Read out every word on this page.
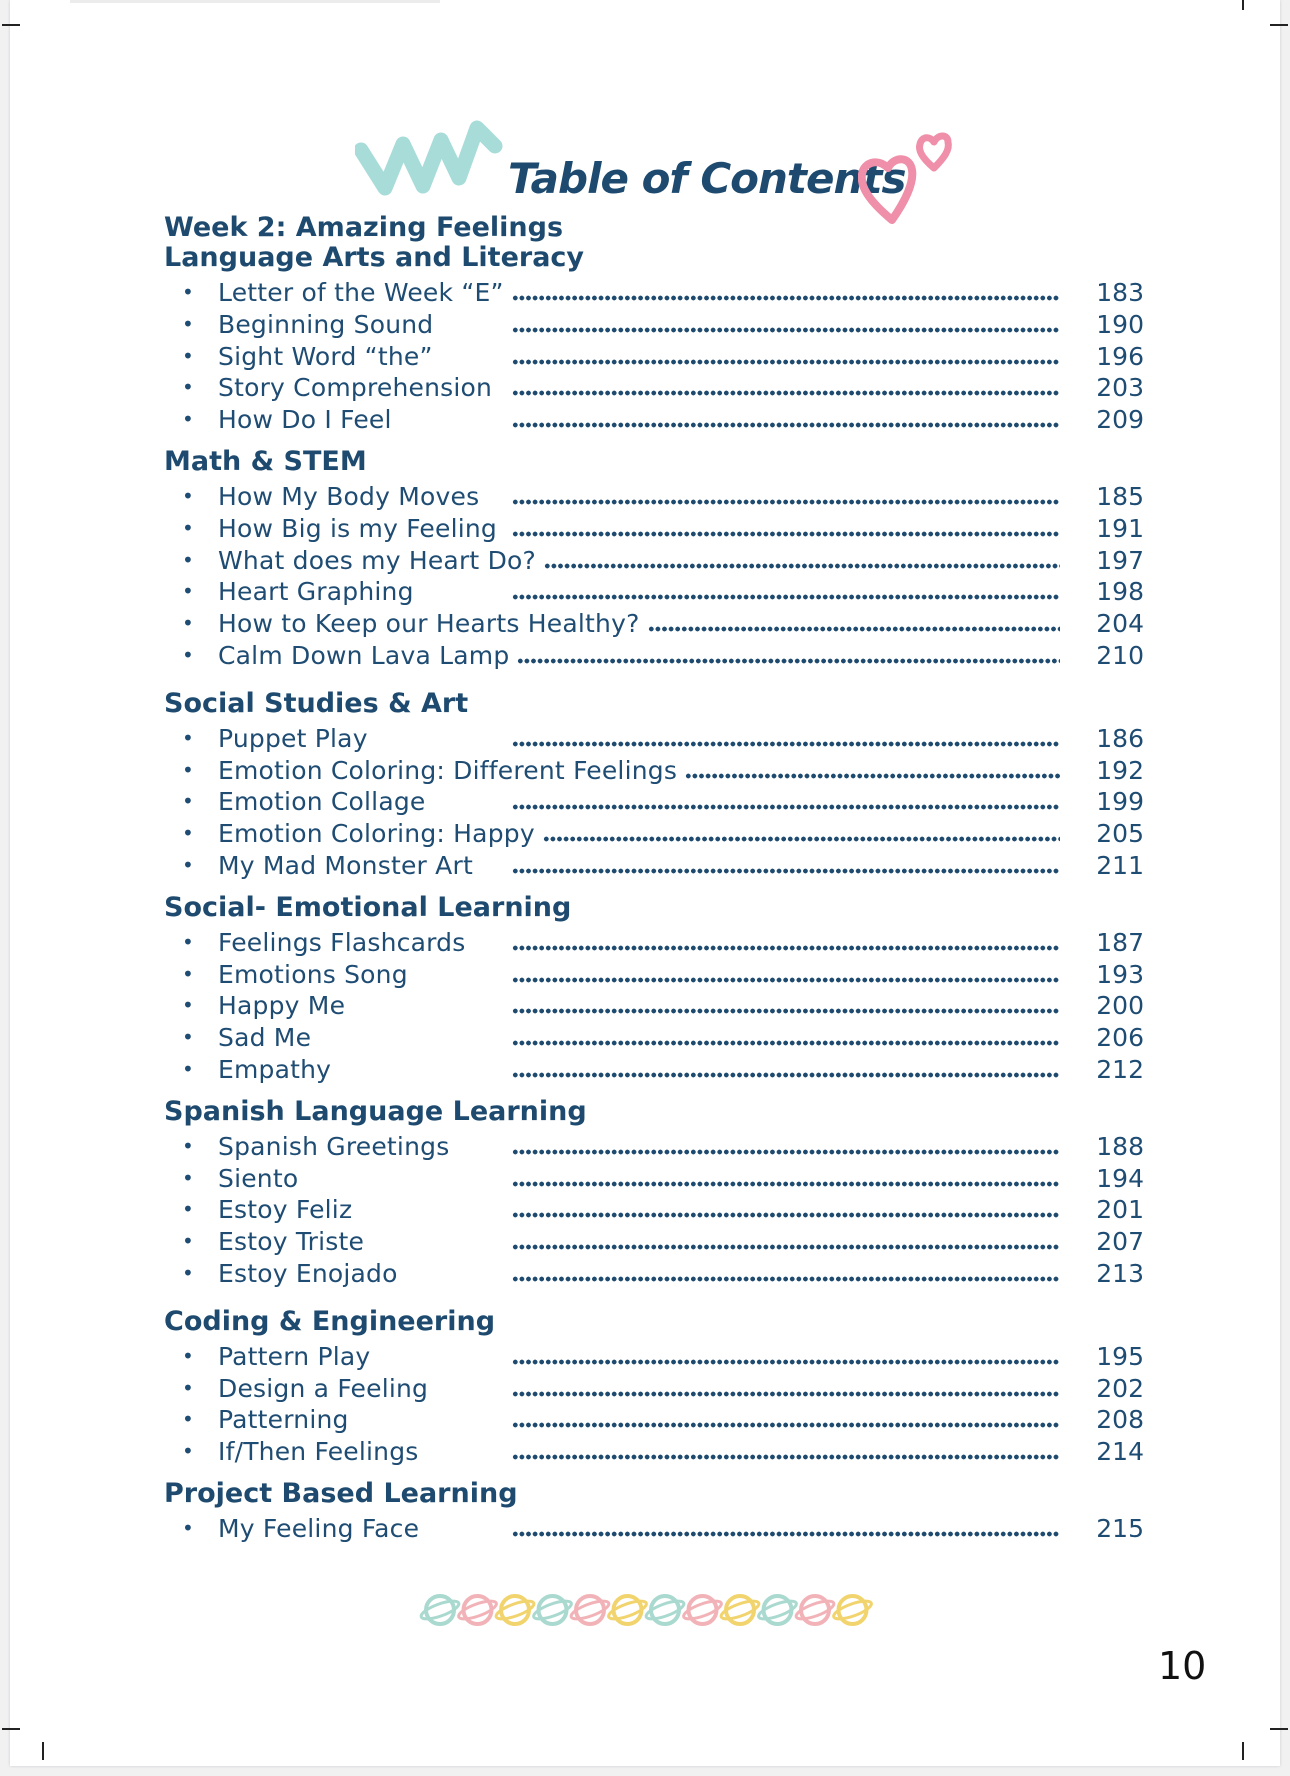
Table of Contents
Week 2: Amazing Feelings
Language Arts and Literacy
• Letter of the Week “E”	183
• Beginning Sound	190
• Sight Word “the”	196
• Story Comprehension	203
• How Do I Feel	209
Math & STEM
• How My Body Moves	185
• How Big is my Feeling	191
• What does my Heart Do?	197
• Heart Graphing	198
• How to Keep our Hearts Healthy?	204
• Calm Down Lava Lamp	210
Social Studies & Art
• Puppet Play	186
• Emotion Coloring: Different Feelings	192
• Emotion Collage	199
• Emotion Coloring: Happy	205
• My Mad Monster Art	211
Social- Emotional Learning
• Feelings Flashcards	187
• Emotions Song	193
• Happy Me	200
• Sad Me	206
• Empathy	212
Spanish Language Learning
• Spanish Greetings	188
• Siento	194
• Estoy Feliz	201
• Estoy Triste	207
• Estoy Enojado	213
Coding & Engineering
• Pattern Play	195
• Design a Feeling	202
• Patterning	208
• If/Then Feelings	214
Project Based Learning
• My Feeling Face	215
10
